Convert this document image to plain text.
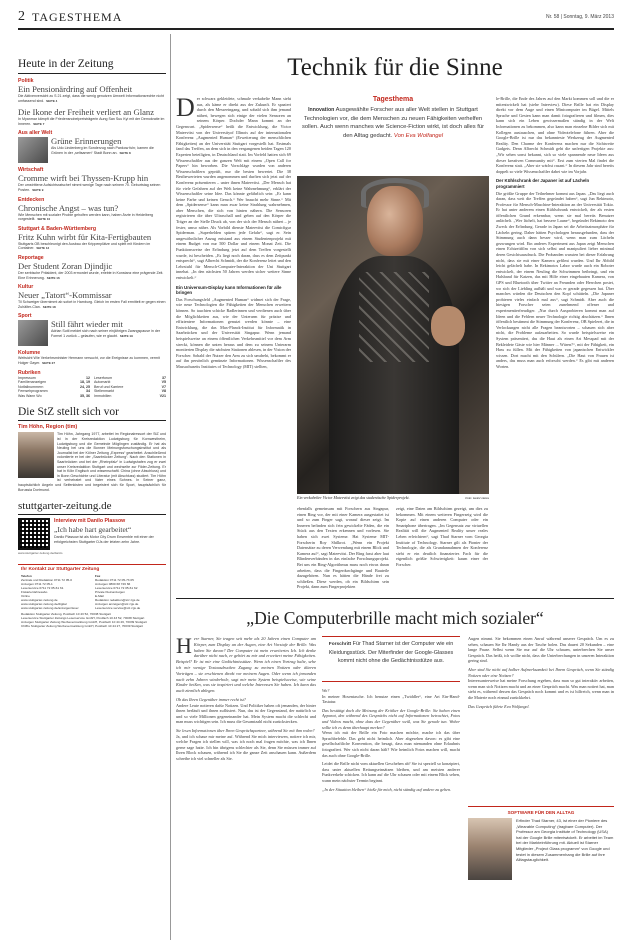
2 TAGESTHEMA	Nr. 58 | Sonntag, 9. März 2013
Heute in der Zeitung
Politik
Ein Pensionärdring auf Offenheit
Die Aktivenversicht zu S 21 zeigt, dass die wenig genutzen Umwelt Informationsrechte nicht umfassend sind. SEITE 4
Die Ikone der Freiheit verliert an Glanz
In Myanmar kämpft die Friedensnobelpreisträgerin Aung San Suu Kyi mit der Demokratie im Inneren. SEITE 7
Aus aller Welt
Grüne Erinnerungen
Als Udo Lindenberg im Sonderzug nach Pankow fuhr, kamen die Grünen in der „seltsamen“ Stadt Bonn an. SEITE 8
Wirtschaft
Cromme wirft bei Thyssen-Krupp hin
Der umstrittene Aufsichtsratschef nimmt wenige Tage nach seinem 70. Geburtstag seinen Posten. SEITE 9
Entdecken
Chronische Angst – was tun?
Wie Menschen mit sozialer Phobie geholfen werden kann, haben Ärzte in Heidelberg vorgestellt. SEITE 10
Stuttgart & Baden-Württemberg
Fritz Kuhn wirbt für Kita-Fertigbauten
Stuttgarts OB beschleunigt den Ausbau der Krippenplätze und spielt mit Kindern im Container. SEITE 12
Reportage
Der Student Zoran Djindjic
Der serbische Präsident, der 2003 ermordet wurde, erlebte in Konstanz eine prägende Zeit. Eine Erinnerung. SEITE 16
Kultur
Neuer „Tatort“-Kommissar
Til Schweiger übernimmt ab sofort in Hamburg. Gleich im ersten Fall ermittelt er gegen einen Zuhälter-Clan. SEITE 18
Sport
Still fährt wieder mit
Adrian Sutil meldet sich nach seiner einjährigen Zwangspause in der Formel 1 zurück – gelaufen, wie er glaubt. SEITE 19
Kolumne
Weitsicht Wie Verkehrsminister Hermann versucht, vor die Ereignisse zu kommen, vermit Holger Gayer. SEITE 27
Rubriken
Impressum	12 Leserforum	37
Familienanzeigen	18, 19 Automarkt	V5
Notfallnummern	24, 25 Beruf und Karriere	V7
Fernsehprogramm	34 Stellenmarkt	V8
Was Wann Wo	35, 36 Immobilien	V21
Die StZ stellt sich vor
Tim Höhn, Region (tim)
Tim Höhn, Jahrgang 1977, arbeitet im Regionalressort der StZ und ist in der Kreisredaktion Ludwigsburg für Kornwestheim, Ludwigsburg und die Gemeinde Möglingen zuständig. Er hat als Neuling bei uns die Bonner Meinungsforschungsinstitut und als Journalist bei der Kölner Zeitung „Express“ gearbeitet. Anschließend volontierte er bei der „Saarbrücker Zeitung“. Nach den Stationen in Saarbrücken und bei der „Rheinpfalz“ in Ludwigshafen zog er zwei unser Kreisredaktion Stuttgart und wechselte zur Filder-Zeitung. Er hat in Köln Englisch und wissenschaftl. China (ohne Abschluss) und in Bonn Geschichte und Literatur (mit Abschluss) studiert. Tim Höhn ist verheiratet und Vater eines Sohnes. In Seiner ganz, hauptsächlich Angeln und Seifenkisten und begeistert sich für Sport, hauptsächlich für Borussia Dortmund.
stuttgarter-zeitung.de
Interview mit Danilo Plassow
„Ich habe hart gearbeitet“
Danilo Plassow ist als Motor City Drum Ensemble mit einer der erfolgreichsten Stuttgarter DJs der letzten zehn Jahre.
www.stuttgarter-zeitung.de/danilo
Ihr Kontakt zur Stuttgarter Zeitung
Telefon
Zentrale und Redaktion 0711 72 05-0
Anzeigen 0711 72 05-1
Leserservice 0711 72 05-61 61
Fixkarte/Jahresabo
Online
www.stuttgarter-zeitung.de
www.stuttgarter-zeitung.de/digital
www.stuttgarter-zeitung.de/anzeigen/leser
Fax
Redaktion 0711 72 05-73 05
Anzeigen 0800 68 726 66
Leserservice 0711 72 05-61 62
Private Kleinanzeigen
E-Mail
Redaktion redaktion@stz.zgs.de
Anzeigen anzeigen@stz.zgs.de
Leserservice service@stz.zgs.de
Redaktion Stuttgarter Zeitung, Postfach 10 43 52, 70038 Stuttgart
Leserservice Stuttgarter Zeitungs Leserservice GmbH, Postfach 10 43 52, 70038 Stuttgart
Anzeigen Stuttgarter Zeitung Werbevermarktung GmbH, Postfach 10 44 26, 70039 Stuttgart
Chiffre Stuttgarter Zeitung Werbevermarktung GmbH, Postfach 10 44 27, 70039 Stuttgart
Technik für die Sinne
D er schwarz gekleidete, schmale verkabelte Mann sieht aus, als käme er direkt aus der Zukunft. Er spaziert durch den Messeeingang, und sobald sich ihm jemand nähert, bewegen sich einige der vielen Sensoren an seinem Körper. Dochder Mann kommt an der Gegenwart. „Spidersense“ heißt die Entwicklung, die Victor Mateevitsi von der Universityof Illinois auf der internationalen Konferenz „Augmented Human“ (Erweiterung der menschlichen Fähigkeiten) an der Universität Stuttgart vorgestellt hat. Erstmals fand das Treffen, an dem sich in den vergangenen beiden Tagen 120 Experten beteiligten, in Deutschland statt. Im Vorfeld hatten sich 69 Wissenschaftler aus der ganzen Welt mit einem „Open Call for Papers“ hin beworben. Die Vorschläge wurden von anderen Wissenschaftlern geprüft, nur die besten bewertet. Die 38 Bestbewerteten wurden angenommen und durften sich jetzt auf der Konferenz präsentieren – unter ihnen Mateevitsi. „Der Mensch hat für viele Gefahren auf der Welt keine Wahrnehmung“, erklärt der Wissenschaftler seine Idee. Das könnte gefährlich sein: „Er kann keine Farbe und keinen Geruch.“ Wer braucht mehr Sinne.“ Mit dem „Spidersense“ kann man zwar keine Strahlung wahrnehmen, aber Menschen, die sich von hinten nähern. Die Sensoren registrieren die über Ultraschall und geben auf den Körper die Träger an der Stelle Druck ab, von der sich der Mensch nähert – je fester, umso näher. Als Vorbild dienste Mateevitsi die Comicfigur Spiderman. „Superhelden spüren jede Gefahr“, sagt er. Sein ungewöhnlicher Anzug entstand aus einem Studentenprojekt mit einem Budget von nur 500 Dollar und einem Monat Zeit. Die Funktionsweise der Erfindung jetzt auf dem Treffen vorgestellt wurde, ist bescheiden. „Es liegt noch daran, dass es dem Zeitpunkt entsprecht“, sagt Albrecht Schmidt, der die Konferenz leitet und den Lehrstuhl für Mensch-Computer-Interaktion der Uni Stuttgart innehat. „In den nächsten 50 Jahren werden sicher weitere Sinne entwickelt.“
Ein Universum-Display kann Informationen für alle bringen
Das Forschungsfeld „Augmented Human“ widmet sich der Frage, wie neue Technologien die Fähigkeiten der Menschen erweitern können. So tauchten schicke Radlerinnen und verdienen auch über die Möglichkeiten aus, wie der Unterarm für präzise und effizientere Informationen genutzt werden könnte – eine Entwicklung, die das Max-Planck-Institut für Informatik in Saarbrücken und der Universität Singapur. Wenn jemand beispielsweise an einem öffentlichen Verkehrsmittel vor dem Arm streckt, können die unten heraus und dem zu seinem Unterarm montierten Display die nächsten Stationen ablesen, in der Vision der Forscher. Sobald der Nutzer den Arm zu sich umdreht, bekommt er auf ihn persönlich gemünzte Informationen. Wissenschaftler des Massachusetts Institutes of Technology (MIT) stellten,
Tagesthema
Innovation Ausgewählte Forscher aus aller Welt stellen in Stuttgart Technologien vor, die dem Menschen zu neuen Fähigkeiten verhelfen sollen. Auch wenn manches wie Science-Fiction wirkt, ist doch alles für den Alltag gedacht. Von Eva Wolfangel
Ein verkabelter Victor Mateevitsi zeigt das studentische Spiderprojekt.	Foto: Heinz Heiss
ebenfalls gemeinsam mit Forschern aus Singapur, einen Ring vor, der mit einer Kamera ausgestattet ist und so zum Finger sagt, worauf dieser zeigt. Im Inneren befinden sich fein gewickelte Fäden, die ein Stück aus den Texten erkennen und vorlesen. Sie haben sich zwei Systeme. Hat Systeme MIT-Forscherin Roy Shilkrot. „Wenn ein Projekt Datensätze zu deren Verwendung mit einem Blick und Kamera auf“, sagt Mateevitsi. Der Ring fasst aber laut Blindenverbänden in das einfache Forschungsprojekt. Bei uns ein Ring-Algorithmus muss noch etwas daran arbeiten, dass die Fingerdurchgänge und Bauteile dazugehören. Nun es hätten die Hände frei zu schließen. Diese werden, ob ein Bildschirm sein Projekt, dann zum Fingerprojekten
zeigt, eine Daten am Bildschirm gezeigt, um dies zu bekommen. Mit einem weiteren Fingerzeig wird die Kopie auf einen anderen Computer oder ein Smartphone übertragen. „Im Gegensatz zur virtuellen Realität will die Augmented Reality unser reales Leben erleichtern“, sagt Thad Starner vom Georgia Institute of Technology. Starner gilt als Pionier der Technologie, die als Grundannahmen der Konferenz sieht er ein deutlich finanziertes Fach für die eigentlich größte Schwierigkeit: kaum einer der Forscher.
le-Brille, die Ende des Jahres auf den Markt kommen soll und die er mitentwickelt hat (siehe Interview). Diese Brille hat ein Display direkt vor dem Auge und einen Minicomputer im Bügel. Mittels Sprache und Gesten kann man damit fotografieren und filmen, dies kann sich ein Leben gewissermaßen ständig in der Welt Informationen zu bekommen, also kann man einzelne Bilder sich mit Kollegen austauschen, und ohne Videotelefone führen. Aber die Google-Brille ist nur das bekannteste Werkzeug der Augmented Reality. Den Charme der Konferenz machen nur die Sichtweite Gadgets. Denn Albrecht Schmidt geht die unfertigen Projekte aus: „Wir sehen sonst bekannt, sich so viele spannende neue Ideen aus dieser kreativen Community mit“. Erst zum vierten Mal findet die Konferenz statt. „Aber sie wächst rasant.“ In diesem Jahr sind bereits doppelt so viele Wissenschaftler dabei wie im Vorjahr.
Der Kühlschrank der Japaner ist auf Lächeln programmiert
Die größte Gruppe der Teilnehmer kommt aus Japan. „Das liegt auch daran, dass weit die Treffen gegründet haben“, sagt Jun Rekimoto, Professor für Mensch-Maschine-Interaktion an der Universität Tokio. Er hat unter anderem einen Kühlschrank entwickelt, der als ersten öffentlichen Grund erkennbar, wenn sie mal bereits Benutzer anlächelt. „Wer lächelt, hat bessere Laune“, begründet Rekimoto den Zweck der Erfindung. Gerade in Japan sei die Arbeitsatmosphäre für Lächeln gering. Daher hätten Psychologen herausgefunden, dass der Stimmung auch dann besser wird, wenn man zum Lächeln gezwungen wird. Ein anderes Experiment aus Japan zeigt Menschen einen Echtzeitfilm von sich selbst und manipuliert lieber minimal deren Gesichtsausdruck. Die Probanden wussten bei dieser Erfahrung nicht, dass sie mit einer Kamera gefilmt wurden. Und Ihr Abbild leicht gelächelt habe. In Rekimotos Labor wurde auch ein Roboter entwickelt, der einem Neuling die Schwimmen beibringt, und ein Halsband für Katzen, das mit Hilfe einer eingebauten Kamera, von GPS und Bluetooth über Twitter an Freunden oder Herrchen postet, wo sich der Liebling aufhält und was er gerade gegessen hat. Über manches würden die Deutschen den Kopf schütteln. „Die Japaner probieren vieles einfach mal aus“, sagt Schmidt. Aber auch die hiesigen Forscher seien zunehmend offener und experimentierfreudiger. „Nur durch Ausprobieren kommt man auf Ideen und die Fehlern neuer Technologie richtig abschätzen.“ Ihnen öffentlich bestimmt die Stimmung der Konferenz, OB Spielerei, die in Verlockungen nicht alle Fragen beantworten – schauen sich aber nicht, die Probleme aufzuarbeiten. So wurde beispielsweise ein System präsentiert, das die Haut als einen Art Messpad mit der Bekleidete Gäste wie hier Männer ... Wären?“, mit der Fähigkeit, ein Hass zu füllen. Mit der Fähigkeiten von japanischen Entwickler wissen. Dort macht mit den Schülern. „Die Haut von Frauen ist anders, das muss man auch erforscht werden.“ Es gibt mit anderen Worten.
„Die Computerbrille macht mich sozialer“
H err Starner, Sie tragen seit mehr als 20 Jahren einen Computer am Körper, zum Display an der Augen, eine Art Vorstufe der Brille. Was haben Sie davon? Der Computer ist mein erweitertes Ich. Ich denke darüber nicht nach, er gehört zu mir und erweitert meine Fähigkeiten. Beispiel? Er ist mir eine Gedächtnisstütze. Wenn ich einen Vortrag halte, sehe ich mir wenige Textausdrucken Zugang zu meinen Notizen oder älteren Vorträgen – sie erschienen direkt vor meinem Augen. Oder wenn ich jemanden nach zehn Jahren wiederhole, sagt mir mein System beispielsweise, wie seine Kinder heißen, was sie inspiriert und welche Interessen Sie haben. Ich kann das auch ziemlich ablegen.
Ob das Ihren Gegenüber immer recht ist?
Andere Leute notieren dafür Notizen. Und Politiker haben oft jemanden, der hinter ihnen herläuft und ihnen zuflüstert. Nun, das ist der Gegenstand, der natürlich so und so viele Millionen gegeneinander hat. Mein System macht die schlecht und man muss wichtigen sein. Ich muss die Gesamtzahl nicht zurückstecken.
Sie lesen Informationen über Ihren Gesprächspartner, während Sie mit ihm reden?
Ja, und ich schaue mir meine auf. Während Sie mich interviewen, notiere ich mir, welche Fragen ich stellen will, was ich noch mal fragen möchte, was ich Ihnen gerne sage hatte. Ich bin übrigens schlechter als Sie, denn Sie müssen immer auf Ihren Block schauen, während ich Sie die ganze Zeit anschauen kann. Außerdem schreibe ich viel schneller als Sie.
Forschritt Für Thad Starner ist der Computer wie ein Kleidungsstück. Der Miterfinder der Google-Glasses kommt nicht ohne die Gedächtnisstütze aus.
Wo?
In meiner Hosentasche. Ich benutze einen „Twiddler“, eine Art Ein-Hand-Tastatur.
Das bestätigt doch die Meinung der Kritiker der Google-Brille: Sie haben einen Apparat, den während des Gesprächs nicht auf Informationen betrachtet, Fotos und Videos macht, ohne dass der Gegenüber weiß, was Sie gerade tun. Woher sollte ich es denn überhaupt merken?
Wenn ich mit der Brille ein Foto machen möchte, mache ich das über Sprachbefehle. Das geht nicht heimlich. Aber abgesehen davon: es gibt eine gesellschaftliche Konvention, die besagt, dass man niemanden ohne Erlaubnis fotografiert. Wer sich nicht daran hält? Wie heimlich Fotos machen will, macht das auch ohne Google-Brille.
Leidet die Brille nicht vom aktuellen Geschehen ab? Sie ist speziell so konzipiert, dass unter aktuellen Rettungseinsätzen bleiben, und am meisten anderer Funkverkehr schicken. Ich kann auf die Uhr schauen oder mit einem Blick sehen, wann mein nächster Termin beginnt.
„In der Situation bleiben“ hieße für mich, nicht ständig auf andere zu gehen.
Augen nimmt. Sie bekommen einen Anruf während unserer Gespräch. Um es zu sehen, schauen Sie Ihr Handy aus der Tasche holen. Das dauert 20 Sekunden – eine lange Pause. Selbst wenn Sie nur auf die Uhr schauen, unterbrechen Sie unser Gespräch. Das heißt, ich wollte nicht, dass die Unterbrechungen in unseren Interaktion gering sind.
Aber sind Sie nicht auf halber Aufmerksamkeit bei Ihrem Gespräch, wenn Sie ständig Notizen oder eine Notizen?
Interessanterweise hat meine Forschung ergeben, dass man so gut interaktiv arbeiten, wenn man sich Notizen macht und an einer Gespräch macht. Was man notiert hat, man sieht es, während dessen das Gespräch noch kommt und es ist hilfreich, wenn man in die Materie noch einmal zurückkehrt.
Das Gespräch führte Eva Wolfangel.
SOFTWARE FÜR DEN ALLTAG
Erfinder Thad Starner, 43, ist einer der Pioniere des „Wearable Computing“ (tragbare Computer). Der Professor am Georgia Institute of Technology (USA) hat der Google Brille mitentwickelt. Er arbeitet im Team bei der Markteinführung mit. Aktuell ist Starner Mitglieder „Project Glass programm“ von Google und testet in diesem Zusammenhang die Brille auf ihre Alltagstauglichkeit.
